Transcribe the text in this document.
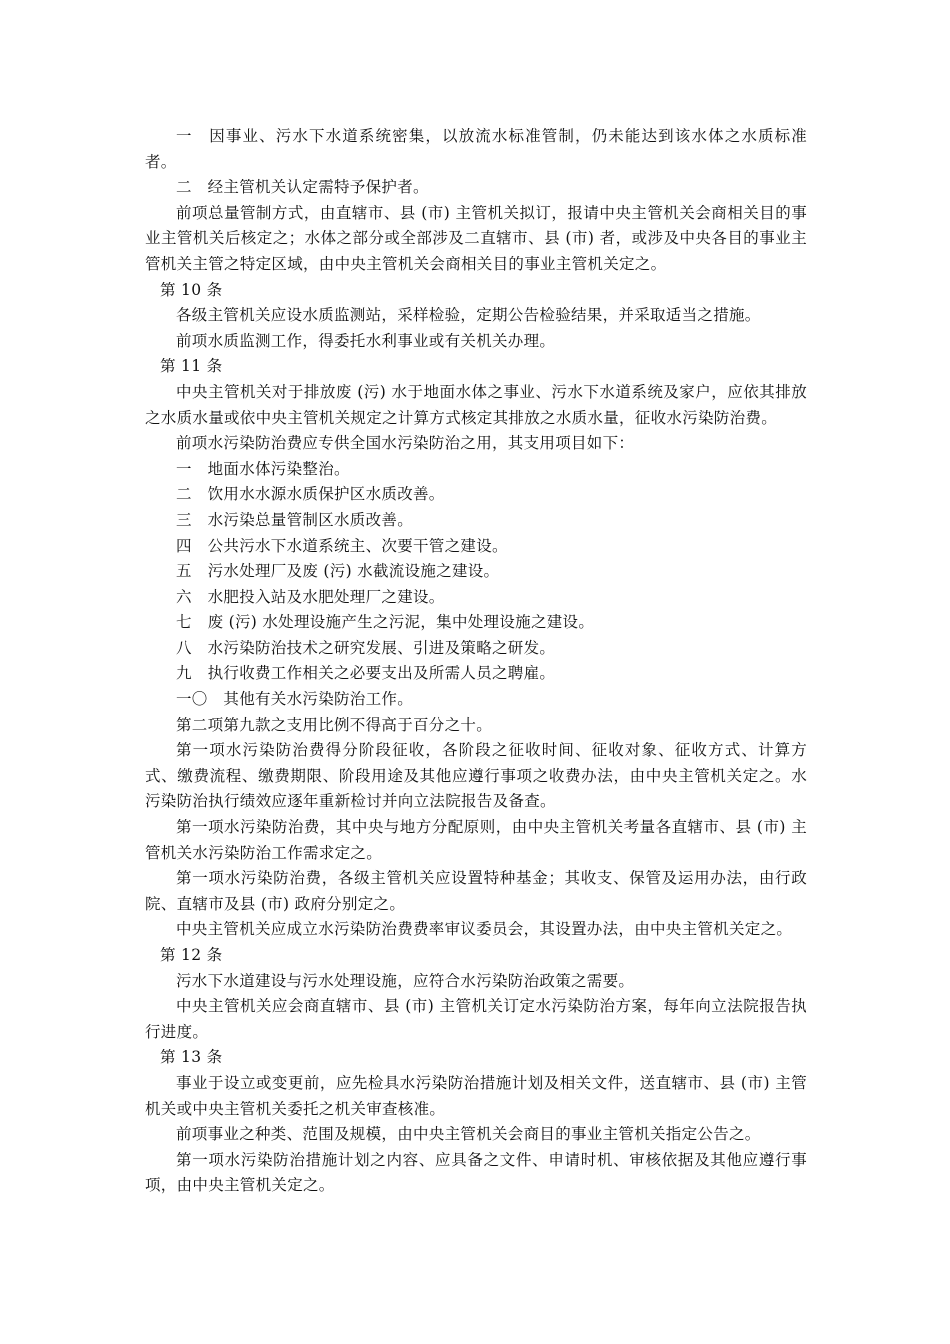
一　因事业、污水下水道系统密集，以放流水标准管制，仍未能达到该水体之水质标准者。

二　经主管机关认定需特予保护者。

前项总量管制方式，由直辖市、县 (市) 主管机关拟订，报请中央主管机关会商相关目的事业主管机关后核定之；水体之部分或全部涉及二直辖市、县 (市) 者，或涉及中央各目的事业主管机关主管之特定区域，由中央主管机关会商相关目的事业主管机关定之。

第 10 条

各级主管机关应设水质监测站，采样检验，定期公告检验结果，并采取适当之措施。

前项水质监测工作，得委托水利事业或有关机关办理。

第 11 条

中央主管机关对于排放废 (污) 水于地面水体之事业、污水下水道系统及家户，应依其排放之水质水量或依中央主管机关规定之计算方式核定其排放之水质水量，征收水污染防治费。

前项水污染防治费应专供全国水污染防治之用，其支用项目如下：

一　地面水体污染整治。

二　饮用水水源水质保护区水质改善。

三　水污染总量管制区水质改善。

四　公共污水下水道系统主、次要干管之建设。

五　污水处理厂及废 (污) 水截流设施之建设。

六　水肥投入站及水肥处理厂之建设。

七　废 (污) 水处理设施产生之污泥，集中处理设施之建设。

八　水污染防治技术之研究发展、引进及策略之研发。

九　执行收费工作相关之必要支出及所需人员之聘雇。

一〇　其他有关水污染防治工作。

第二项第九款之支用比例不得高于百分之十。

第一项水污染防治费得分阶段征收，各阶段之征收时间、征收对象、征收方式、计算方式、缴费流程、缴费期限、阶段用途及其他应遵行事项之收费办法，由中央主管机关定之。水污染防治执行绩效应逐年重新检讨并向立法院报告及备查。

第一项水污染防治费，其中央与地方分配原则，由中央主管机关考量各直辖市、县 (市) 主管机关水污染防治工作需求定之。

第一项水污染防治费，各级主管机关应设置特种基金；其收支、保管及运用办法，由行政院、直辖市及县 (市) 政府分别定之。

中央主管机关应成立水污染防治费费率审议委员会，其设置办法，由中央主管机关定之。

第 12 条

污水下水道建设与污水处理设施，应符合水污染防治政策之需要。

中央主管机关应会商直辖市、县 (市) 主管机关订定水污染防治方案，每年向立法院报告执行进度。

第 13 条

事业于设立或变更前，应先检具水污染防治措施计划及相关文件，送直辖市、县 (市) 主管机关或中央主管机关委托之机关审查核准。

前项事业之种类、范围及规模，由中央主管机关会商目的事业主管机关指定公告之。

第一项水污染防治措施计划之内容、应具备之文件、申请时机、审核依据及其他应遵行事项，由中央主管机关定之。
